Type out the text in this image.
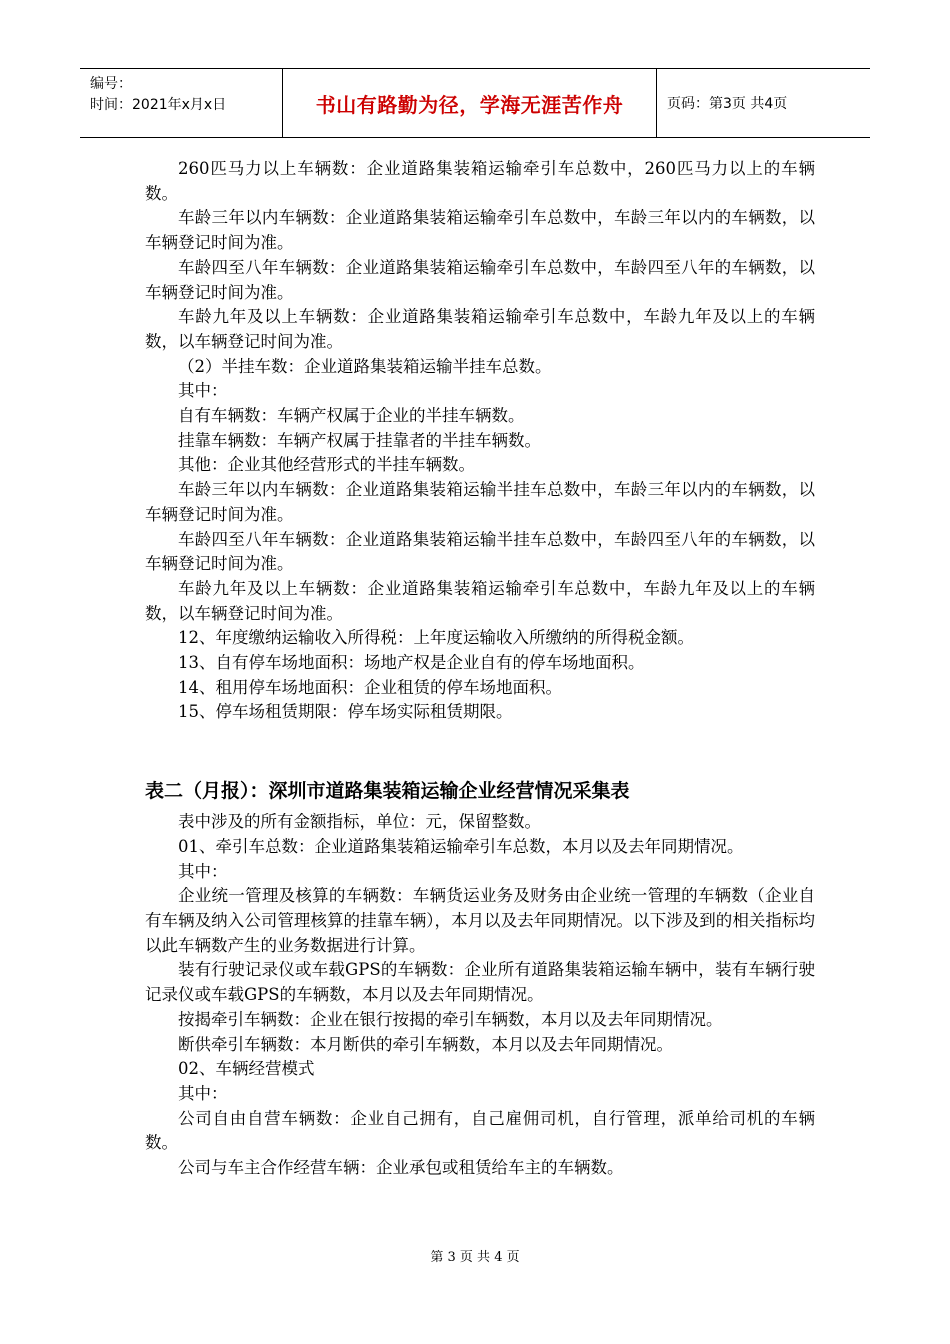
编号：
时间：2021年x月x日	书山有路勤为径，学海无涯苦作舟	页码：第3页 共4页

260匹马力以上车辆数：企业道路集装箱运输牵引车总数中，260匹马力以上的车辆数。

车龄三年以内车辆数：企业道路集装箱运输牵引车总数中，车龄三年以内的车辆数，以车辆登记时间为准。

车龄四至八年车辆数：企业道路集装箱运输牵引车总数中，车龄四至八年的车辆数，以车辆登记时间为准。

车龄九年及以上车辆数：企业道路集装箱运输牵引车总数中，车龄九年及以上的车辆数，以车辆登记时间为准。

（2）半挂车数：企业道路集装箱运输半挂车总数。

其中：

自有车辆数：车辆产权属于企业的半挂车辆数。

挂靠车辆数：车辆产权属于挂靠者的半挂车辆数。

其他：企业其他经营形式的半挂车辆数。

车龄三年以内车辆数：企业道路集装箱运输半挂车总数中，车龄三年以内的车辆数，以车辆登记时间为准。

车龄四至八年车辆数：企业道路集装箱运输半挂车总数中，车龄四至八年的车辆数，以车辆登记时间为准。

车龄九年及以上车辆数：企业道路集装箱运输牵引车总数中，车龄九年及以上的车辆数，以车辆登记时间为准。

12、年度缴纳运输收入所得税：上年度运输收入所缴纳的所得税金额。

13、自有停车场地面积：场地产权是企业自有的停车场地面积。

14、租用停车场地面积：企业租赁的停车场地面积。

15、停车场租赁期限：停车场实际租赁期限。

表二（月报）：深圳市道路集装箱运输企业经营情况采集表

表中涉及的所有金额指标，单位：元，保留整数。

01、牵引车总数：企业道路集装箱运输牵引车总数，本月以及去年同期情况。

其中：

企业统一管理及核算的车辆数：车辆货运业务及财务由企业统一管理的车辆数（企业自有车辆及纳入公司管理核算的挂靠车辆），本月以及去年同期情况。以下涉及到的相关指标均以此车辆数产生的业务数据进行计算。

装有行驶记录仪或车载GPS的车辆数：企业所有道路集装箱运输车辆中，装有车辆行驶记录仪或车载GPS的车辆数，本月以及去年同期情况。

按揭牵引车辆数：企业在银行按揭的牵引车辆数，本月以及去年同期情况。

断供牵引车辆数：本月断供的牵引车辆数，本月以及去年同期情况。

02、车辆经营模式

其中：

公司自由自营车辆数：企业自己拥有，自己雇佣司机，自行管理，派单给司机的车辆数。

公司与车主合作经营车辆：企业承包或租赁给车主的车辆数。

第 3 页 共 4 页
